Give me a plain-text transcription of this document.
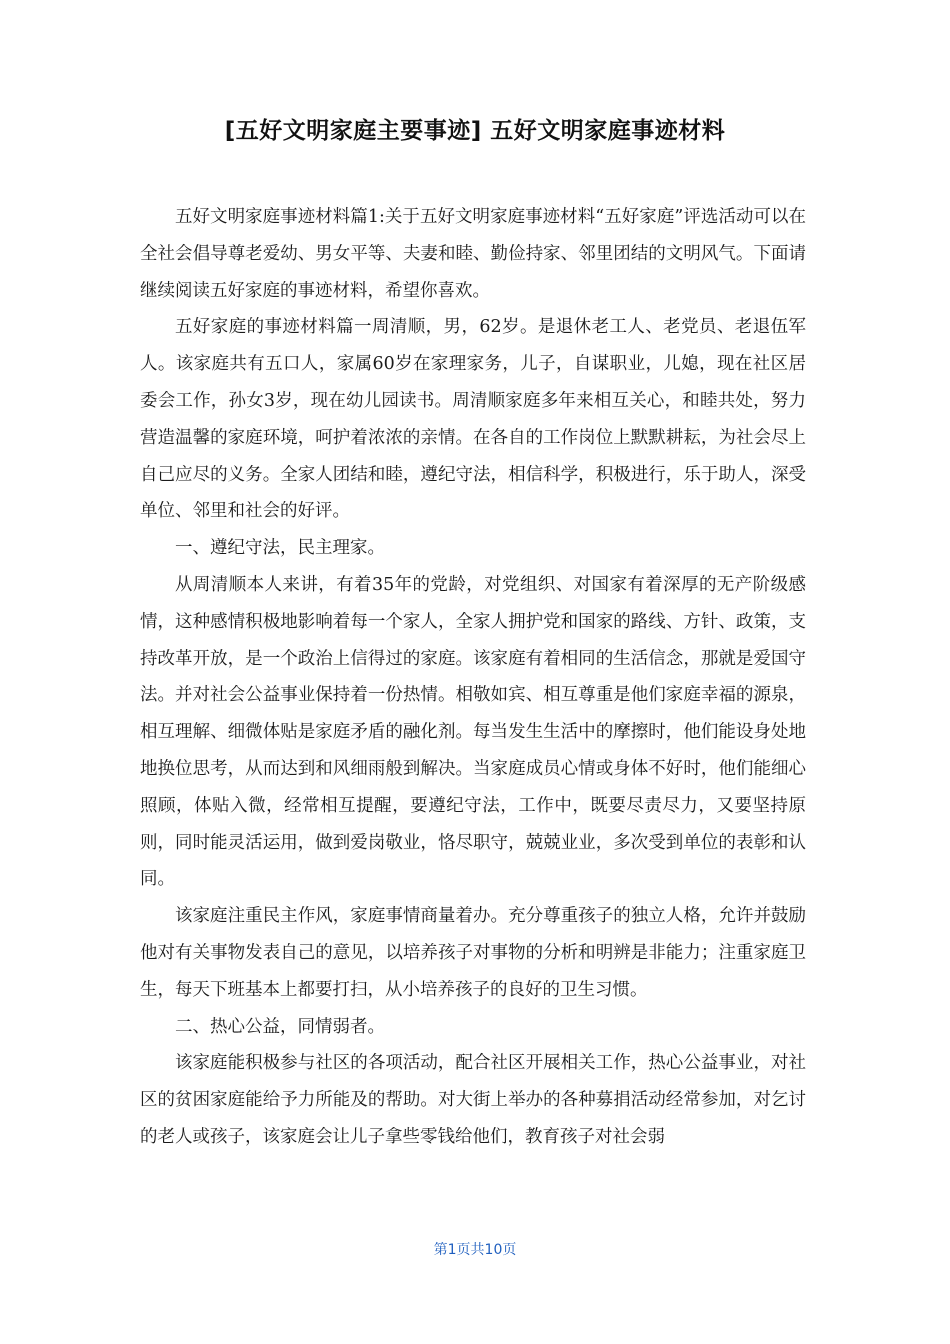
[五好文明家庭主要事迹] 五好文明家庭事迹材料

五好文明家庭事迹材料篇1:关于五好文明家庭事迹材料“五好家庭”评选活动可以在全社会倡导尊老爱幼、男女平等、夫妻和睦、勤俭持家、邻里团结的文明风气。下面请继续阅读五好家庭的事迹材料，希望你喜欢。

五好家庭的事迹材料篇一周清顺，男，62岁。是退休老工人、老党员、老退伍军人。该家庭共有五口人，家属60岁在家理家务，儿子，自谋职业，儿媳，现在社区居委会工作，孙女3岁，现在幼儿园读书。周清顺家庭多年来相互关心，和睦共处，努力营造温馨的家庭环境，呵护着浓浓的亲情。在各自的工作岗位上默默耕耘，为社会尽上自己应尽的义务。全家人团结和睦，遵纪守法，相信科学，积极进行，乐于助人，深受单位、邻里和社会的好评。

一、遵纪守法，民主理家。

从周清顺本人来讲，有着35年的党龄，对党组织、对国家有着深厚的无产阶级感情，这种感情积极地影响着每一个家人，全家人拥护党和国家的路线、方针、政策，支持改革开放，是一个政治上信得过的家庭。该家庭有着相同的生活信念，那就是爱国守法。并对社会公益事业保持着一份热情。相敬如宾、相互尊重是他们家庭幸福的源泉，相互理解、细微体贴是家庭矛盾的融化剂。每当发生生活中的摩擦时，他们能设身处地地换位思考，从而达到和风细雨般到解决。当家庭成员心情或身体不好时，他们能细心照顾，体贴入微，经常相互提醒，要遵纪守法，工作中，既要尽责尽力，又要坚持原则，同时能灵活运用，做到爱岗敬业，恪尽职守，兢兢业业，多次受到单位的表彰和认同。

该家庭注重民主作风，家庭事情商量着办。充分尊重孩子的独立人格，允许并鼓励他对有关事物发表自己的意见，以培养孩子对事物的分析和明辨是非能力；注重家庭卫生，每天下班基本上都要打扫，从小培养孩子的良好的卫生习惯。

二、热心公益，同情弱者。

该家庭能积极参与社区的各项活动，配合社区开展相关工作，热心公益事业，对社区的贫困家庭能给予力所能及的帮助。对大街上举办的各种募捐活动经常参加，对乞讨的老人或孩子，该家庭会让儿子拿些零钱给他们，教育孩子对社会弱

第1页共10页
